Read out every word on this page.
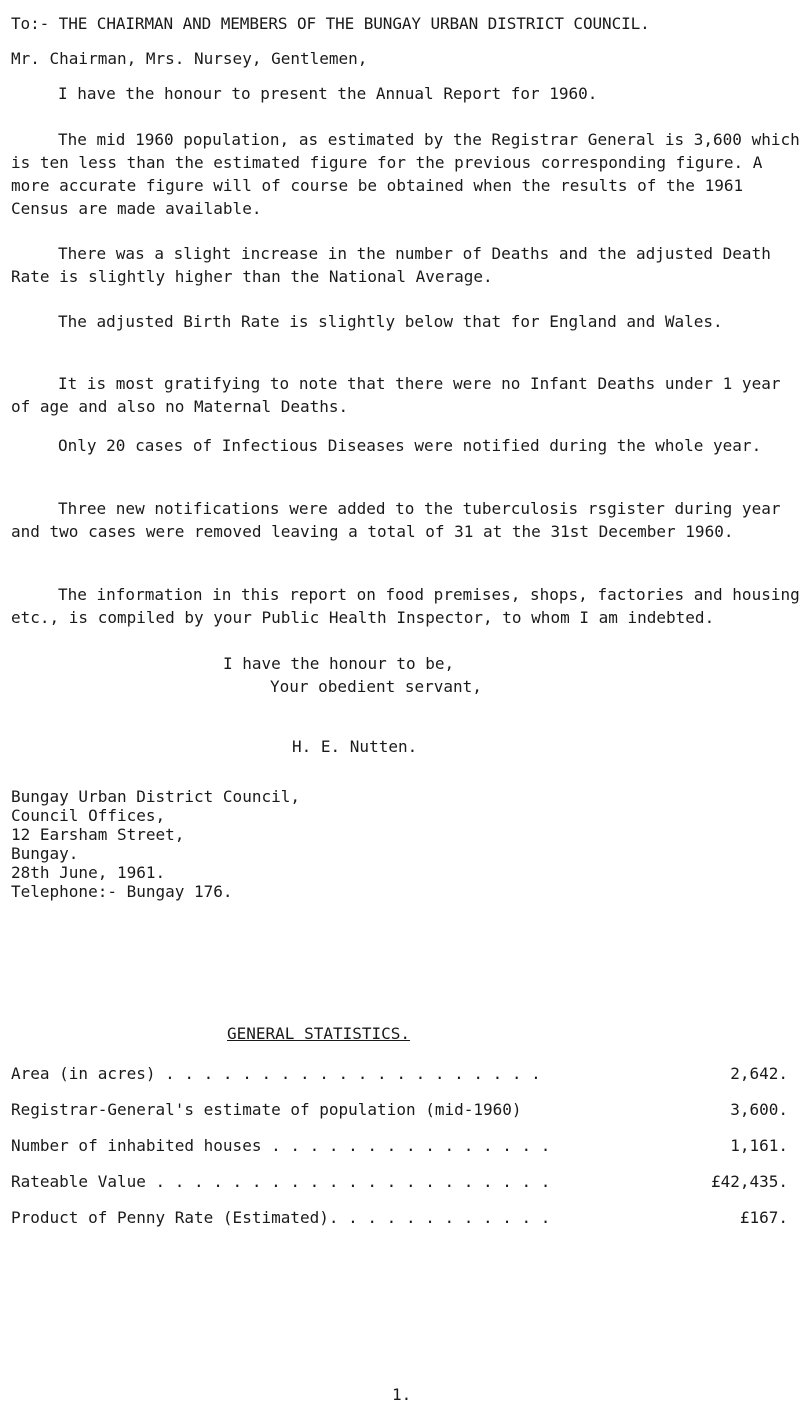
To:- THE CHAIRMAN AND MEMBERS OF THE BUNGAY URBAN DISTRICT COUNCIL.
Mr. Chairman, Mrs. Nursey, Gentlemen,

I have the honour to present the Annual Report for 1960.

The mid 1960 population, as estimated by the Registrar General is 3,600 which is ten less than the estimated figure for the previous corresponding figure. A more accurate figure will of course be obtained when the results of the 1961 Census are made available.

There was a slight increase in the number of Deaths and the adjusted Death Rate is slightly higher than the National Average.

The adjusted Birth Rate is slightly below that for England and Wales.

It is most gratifying to note that there were no Infant Deaths under 1 year of age and also no Maternal Deaths.

Only 20 cases of Infectious Diseases were notified during the whole year.

Three new notifications were added to the tuberculosis rsgister during year and two cases were removed leaving a total of 31 at the 31st December 1960.

The information in this report on food premises, shops, factories and housing etc., is compiled by your Public Health Inspector, to whom I am indebted.

I have the honour to be,
Your obedient servant,
H. E. Nutten.
Bungay Urban District Council,
Council Offices,
12 Earsham Street,
Bungay.
28th June, 1961.
Telephone:- Bungay 176.
GENERAL STATISTICS.
Area (in acres) . . . . . . . . . . . . . . . . . . . .	2,642.
Registrar-General's estimate of population (mid-1960)	3,600.
Number of inhabited houses . . . . . . . . . . . . . . .	1,161.
Rateable Value . . . . . . . . . . . . . . . . . . . . .	£42,435.
Product of Penny Rate (Estimated). . . . . . . . . . . .	£167.
1.
